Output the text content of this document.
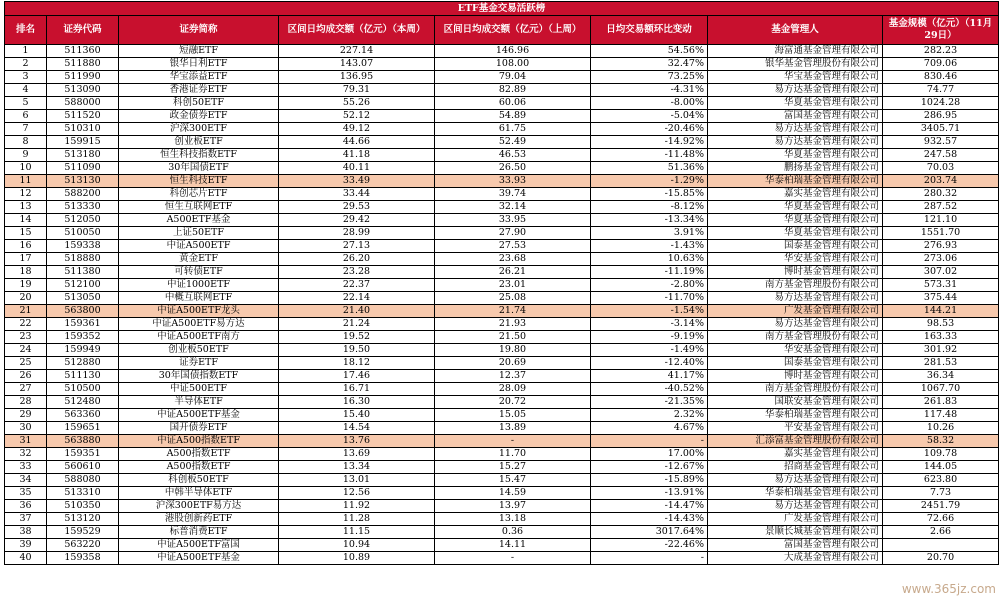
ETF基金交易活跃榜							
排名	证券代码	证券简称	区间日均成交额（亿元）（本周）	区间日均成交额（亿元）（上周）	日均交易额环比变动	基金管理人	基金规模（亿元）（11月29日）
1	511360	短融ETF	227.14	146.96	54.56%	海富通基金管理有限公司	282.23
2	511880	银华日利ETF	143.07	108.00	32.47%	银华基金管理股份有限公司	709.06
3	511990	华宝添益ETF	136.95	79.04	73.25%	华宝基金管理有限公司	830.46
4	513090	香港证券ETF	79.31	82.89	-4.31%	易方达基金管理有限公司	74.77
5	588000	科创50ETF	55.26	60.06	-8.00%	华夏基金管理有限公司	1024.28
6	511520	政金债券ETF	52.12	54.89	-5.04%	富国基金管理有限公司	286.95
7	510310	沪深300ETF	49.12	61.75	-20.46%	易方达基金管理有限公司	3405.71
8	159915	创业板ETF	44.66	52.49	-14.92%	易方达基金管理有限公司	932.57
9	513180	恒生科技指数ETF	41.18	46.53	-11.48%	华夏基金管理有限公司	247.58
10	511090	30年国债ETF	40.11	26.50	51.36%	鹏扬基金管理有限公司	70.03
11	513130	恒生科技ETF	33.49	33.93	-1.29%	华泰柏瑞基金管理有限公司	203.74
12	588200	科创芯片ETF	33.44	39.74	-15.85%	嘉实基金管理有限公司	280.32
13	513330	恒生互联网ETF	29.53	32.14	-8.12%	华夏基金管理有限公司	287.52
14	512050	A500ETF基金	29.42	33.95	-13.34%	华夏基金管理有限公司	121.10
15	510050	上证50ETF	28.99	27.90	3.91%	华夏基金管理有限公司	1551.70
16	159338	中证A500ETF	27.13	27.53	-1.43%	国泰基金管理有限公司	276.93
17	518880	黄金ETF	26.20	23.68	10.63%	华安基金管理有限公司	273.06
18	511380	可转债ETF	23.28	26.21	-11.19%	博时基金管理有限公司	307.02
19	512100	中证1000ETF	22.37	23.01	-2.80%	南方基金管理股份有限公司	573.31
20	513050	中概互联网ETF	22.14	25.08	-11.70%	易方达基金管理有限公司	375.44
21	563800	中证A500ETF龙头	21.40	21.74	-1.54%	广发基金管理有限公司	144.21
22	159361	中证A500ETF易方达	21.24	21.93	-3.14%	易方达基金管理有限公司	98.53
23	159352	中证A500ETF南方	19.52	21.50	-9.19%	南方基金管理股份有限公司	163.33
24	159949	创业板50ETF	19.50	19.80	-1.49%	华安基金管理有限公司	301.92
25	512880	证券ETF	18.12	20.69	-12.40%	国泰基金管理有限公司	281.53
26	511130	30年国债指数ETF	17.46	12.37	41.17%	博时基金管理有限公司	36.34
27	510500	中证500ETF	16.71	28.09	-40.52%	南方基金管理股份有限公司	1067.70
28	512480	半导体ETF	16.30	20.72	-21.35%	国联安基金管理有限公司	261.83
29	563360	中证A500ETF基金	15.40	15.05	2.32%	华泰柏瑞基金管理有限公司	117.48
30	159651	国开债券ETF	14.54	13.89	4.67%	平安基金管理有限公司	10.26
31	563880	中证A500指数ETF	13.76	-	-	汇添富基金管理股份有限公司	58.32
32	159351	A500指数ETF	13.69	11.70	17.00%	嘉实基金管理有限公司	109.78
33	560610	A500指数ETF	13.34	15.27	-12.67%	招商基金管理有限公司	144.05
34	588080	科创板50ETF	13.01	15.47	-15.89%	易方达基金管理有限公司	623.80
35	513310	中韩半导体ETF	12.56	14.59	-13.91%	华泰柏瑞基金管理有限公司	7.73
36	510350	沪深300ETF易方达	11.92	13.97	-14.47%	易方达基金管理有限公司	2451.79
37	513120	港股创新药ETF	11.28	13.18	-14.43%	广发基金管理有限公司	72.66
38	159529	标普消费ETF	11.15	0.36	3017.64%	景顺长城基金管理有限公司	2.66
39	563220	中证A500ETF富国	10.94	14.11	-22.46%	富国基金管理有限公司	
40	159358	中证A500ETF基金	10.89	-	-	大成基金管理有限公司	20.70
www.365jz.com
